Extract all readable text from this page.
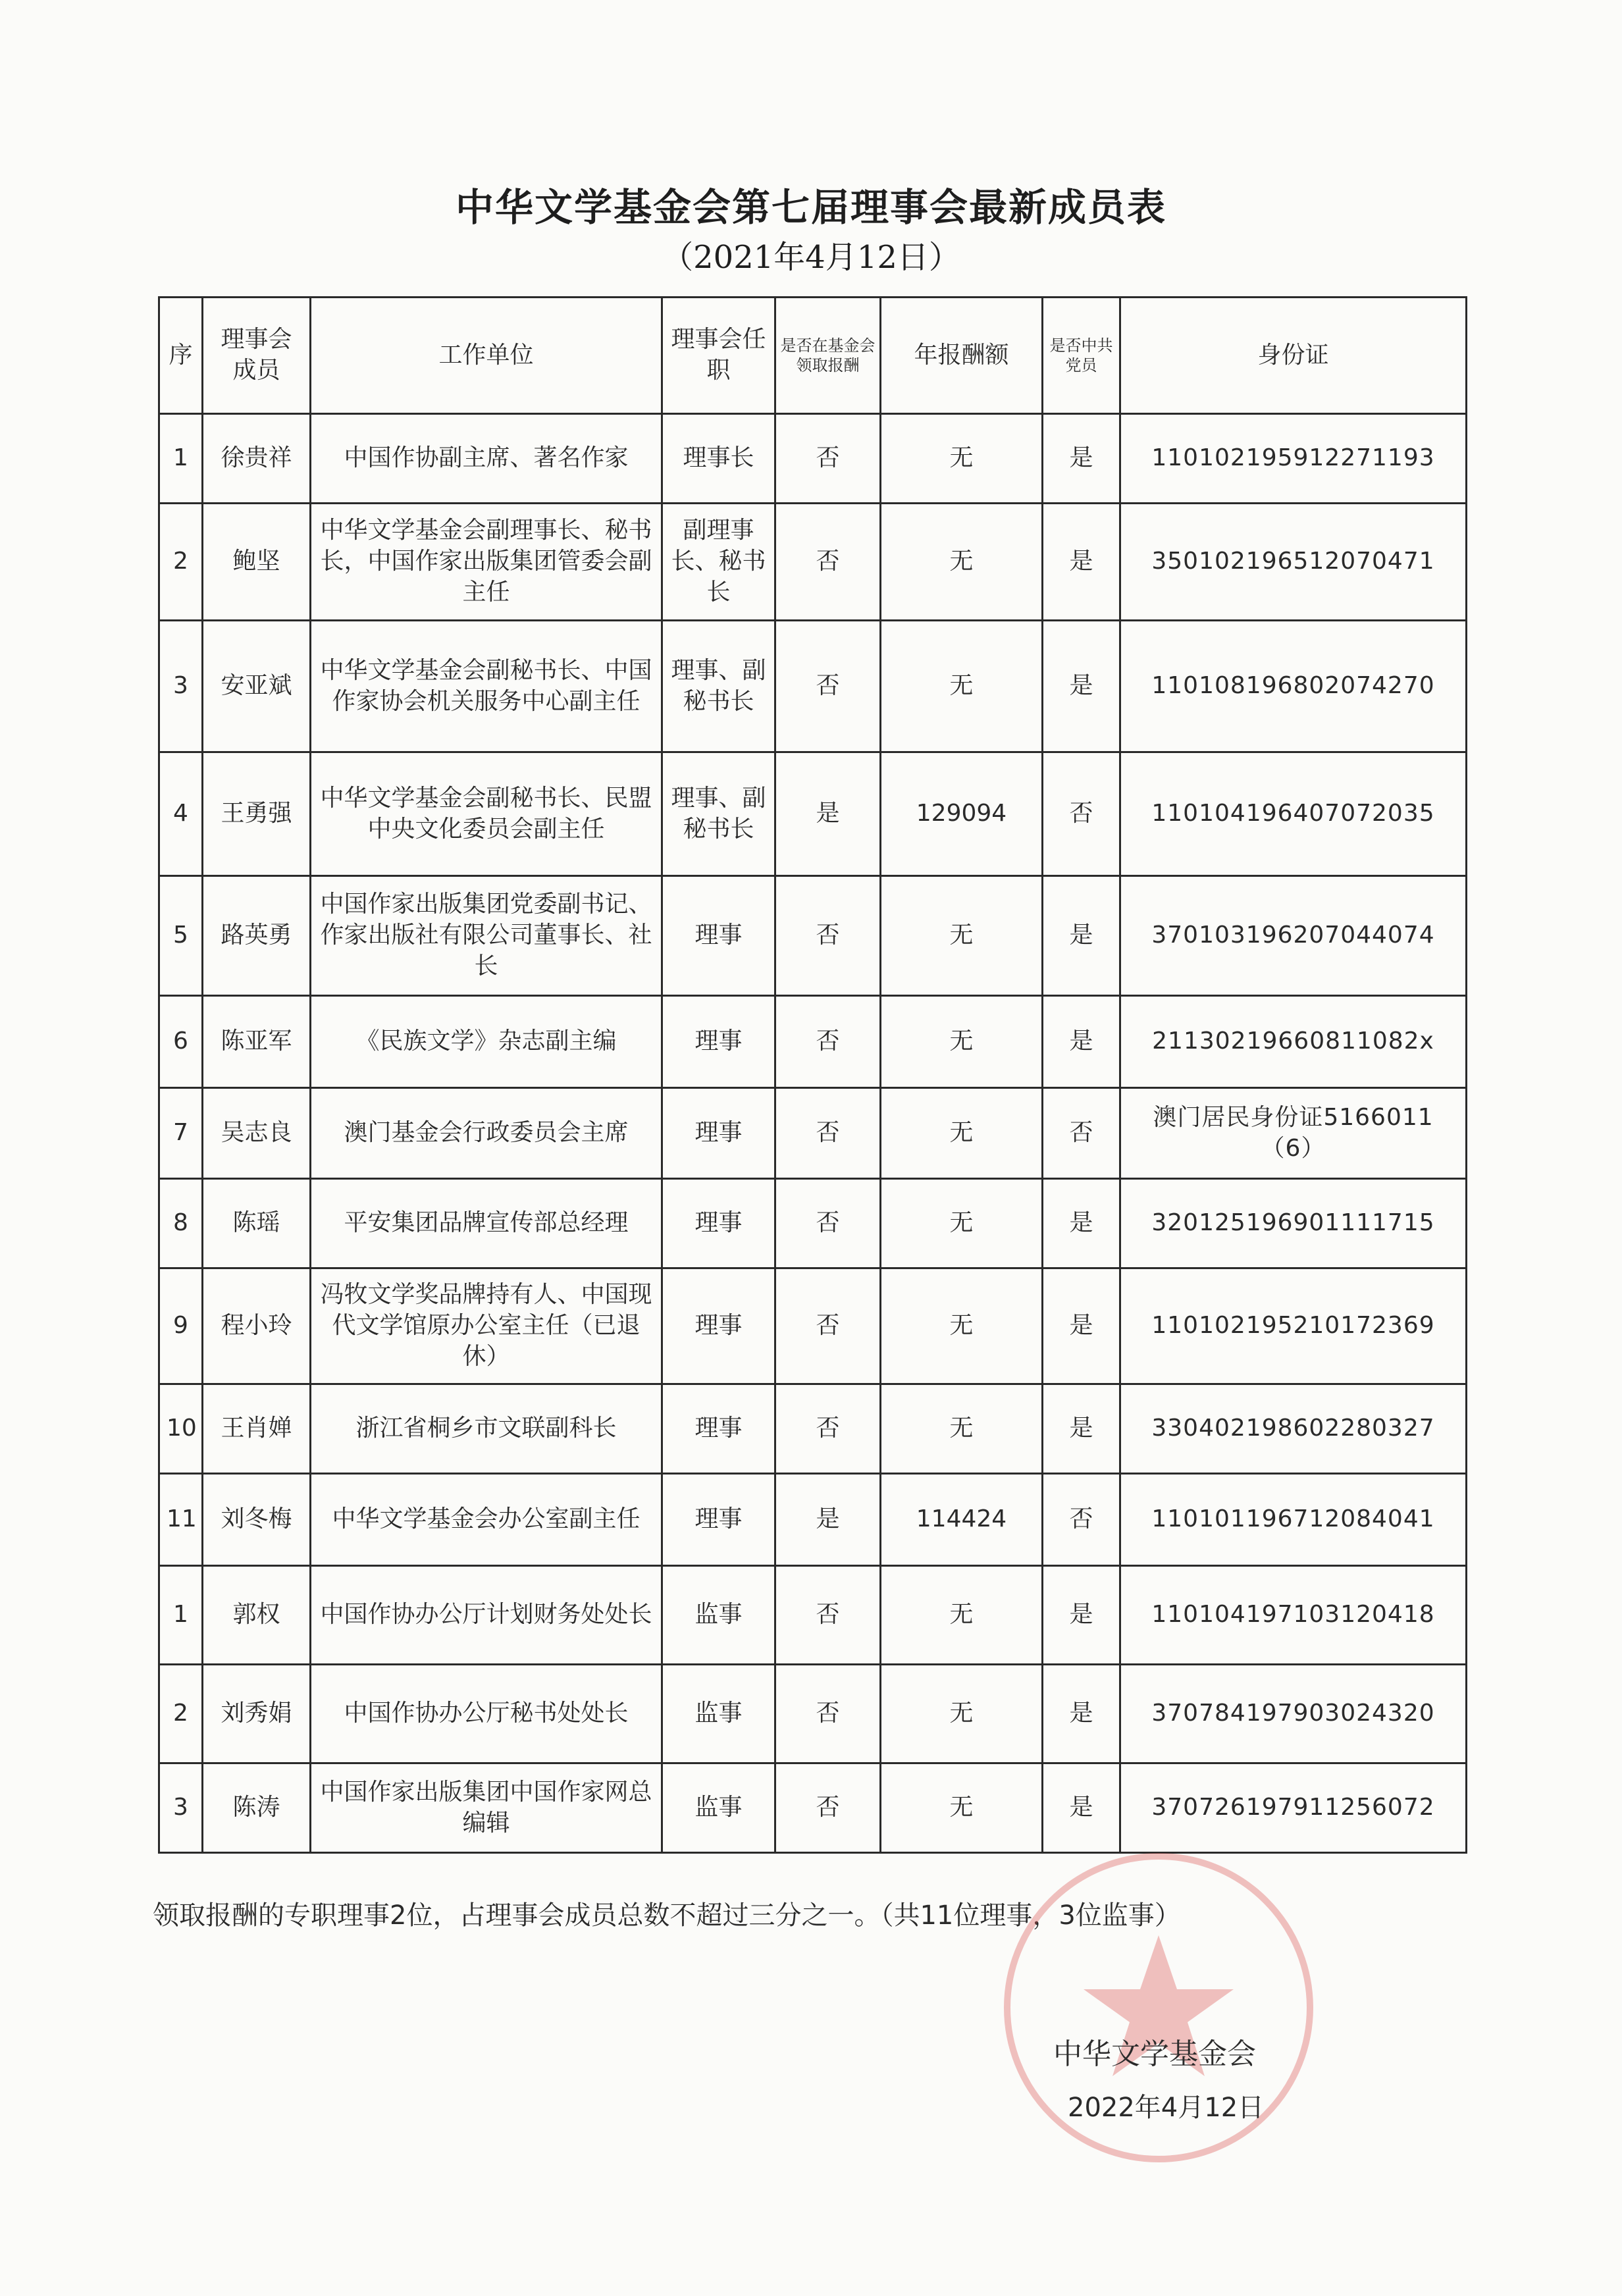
中华文学基金会第七届理事会最新成员表
（2021年4月12日）
序	理事会成员	工作单位	理事会任职	是否在基金会领取报酬	年报酬额	是否中共党员	身份证
1	徐贵祥	中国作协副主席、著名作家	理事长	否	无	是	110102195912271193
2	鲍坚	中华文学基金会副理事长、秘书长，中国作家出版集团管委会副主任	副理事长、秘书长	否	无	是	350102196512070471
3	安亚斌	中华文学基金会副秘书长、中国作家协会机关服务中心副主任	理事、副秘书长	否	无	是	110108196802074270
4	王勇强	中华文学基金会副秘书长、民盟中央文化委员会副主任	理事、副秘书长	是	129094	否	110104196407072035
5	路英勇	中国作家出版集团党委副书记、作家出版社有限公司董事长、社长	理事	否	无	是	370103196207044074
6	陈亚军	《民族文学》杂志副主编	理事	否	无	是	21130219660811082x
7	吴志良	澳门基金会行政委员会主席	理事	否	无	否	澳门居民身份证5166011（6）
8	陈瑶	平安集团品牌宣传部总经理	理事	否	无	是	320125196901111715
9	程小玲	冯牧文学奖品牌持有人、中国现代文学馆原办公室主任（已退休）	理事	否	无	是	110102195210172369
10	王肖婵	浙江省桐乡市文联副科长	理事	否	无	是	330402198602280327
11	刘冬梅	中华文学基金会办公室副主任	理事	是	114424	否	110101196712084041
1	郭权	中国作协办公厅计划财务处处长	监事	否	无	是	110104197103120418
2	刘秀娟	中国作协办公厅秘书处处长	监事	否	无	是	370784197903024320
3	陈涛	中国作家出版集团中国作家网总编辑	监事	否	无	是	370726197911256072
领取报酬的专职理事2位，占理事会成员总数不超过三分之一。（共11位理事，3位监事）
中华文学基金会
2022年4月12日
